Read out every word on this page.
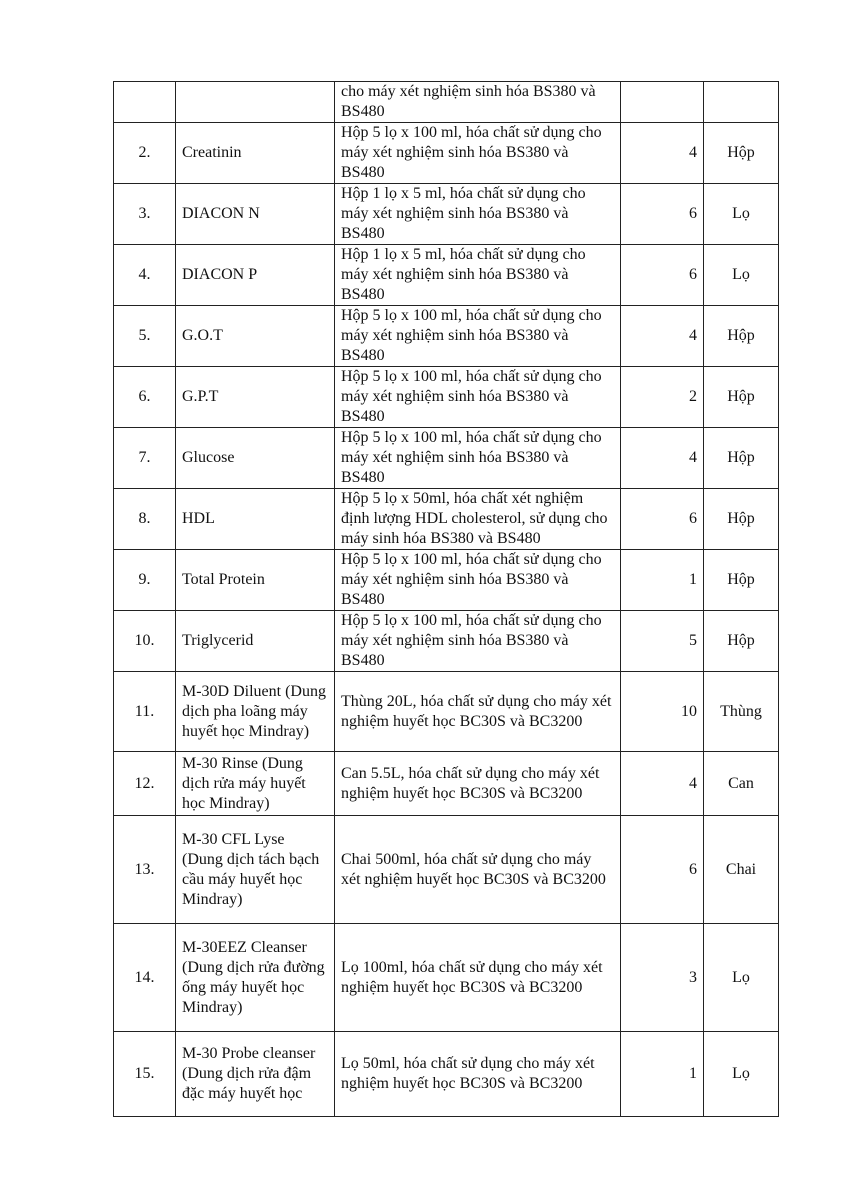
		cho máy xét nghiệm sinh hóa BS380 và BS480		
2.	Creatinin	Hộp 5 lọ x 100 ml, hóa chất sử dụng cho máy xét nghiệm sinh hóa BS380 và BS480	4	Hộp
3.	DIACON N	Hộp 1 lọ x 5 ml, hóa chất sử dụng cho máy xét nghiệm sinh hóa BS380 và BS480	6	Lọ
4.	DIACON P	Hộp 1 lọ x 5 ml, hóa chất sử dụng cho máy xét nghiệm sinh hóa BS380 và BS480	6	Lọ
5.	G.O.T	Hộp 5 lọ x 100 ml, hóa chất sử dụng cho máy xét nghiệm sinh hóa BS380 và BS480	4	Hộp
6.	G.P.T	Hộp 5 lọ x 100 ml, hóa chất sử dụng cho máy xét nghiệm sinh hóa BS380 và BS480	2	Hộp
7.	Glucose	Hộp 5 lọ x 100 ml, hóa chất sử dụng cho máy xét nghiệm sinh hóa BS380 và BS480	4	Hộp
8.	HDL	Hộp 5 lọ x 50ml, hóa chất xét nghiệm định lượng HDL cholesterol, sử dụng cho máy sinh hóa BS380 và BS480	6	Hộp
9.	Total Protein	Hộp 5 lọ x 100 ml, hóa chất sử dụng cho máy xét nghiệm sinh hóa BS380 và BS480	1	Hộp
10.	Triglycerid	Hộp 5 lọ x 100 ml, hóa chất sử dụng cho máy xét nghiệm sinh hóa BS380 và BS480	5	Hộp
11.	M-30D Diluent (Dung dịch pha loãng máy huyết học Mindray)	Thùng 20L, hóa chất sử dụng cho máy xét nghiệm huyết học BC30S và BC3200	10	Thùng
12.	M-30 Rinse (Dung dịch rửa máy huyết học Mindray)	Can 5.5L, hóa chất sử dụng cho máy xét nghiệm huyết học BC30S và BC3200	4	Can
13.	M-30 CFL Lyse (Dung dịch tách bạch cầu máy huyết học Mindray)	Chai 500ml, hóa chất sử dụng cho máy xét nghiệm huyết học BC30S và BC3200	6	Chai
14.	M-30EEZ Cleanser (Dung dịch rửa đường ống máy huyết học Mindray)	Lọ 100ml, hóa chất sử dụng cho máy xét nghiệm huyết học BC30S và BC3200	3	Lọ
15.	M-30 Probe cleanser (Dung dịch rửa đậm đặc máy huyết học	Lọ 50ml, hóa chất sử dụng cho máy xét nghiệm huyết học BC30S và BC3200	1	Lọ
